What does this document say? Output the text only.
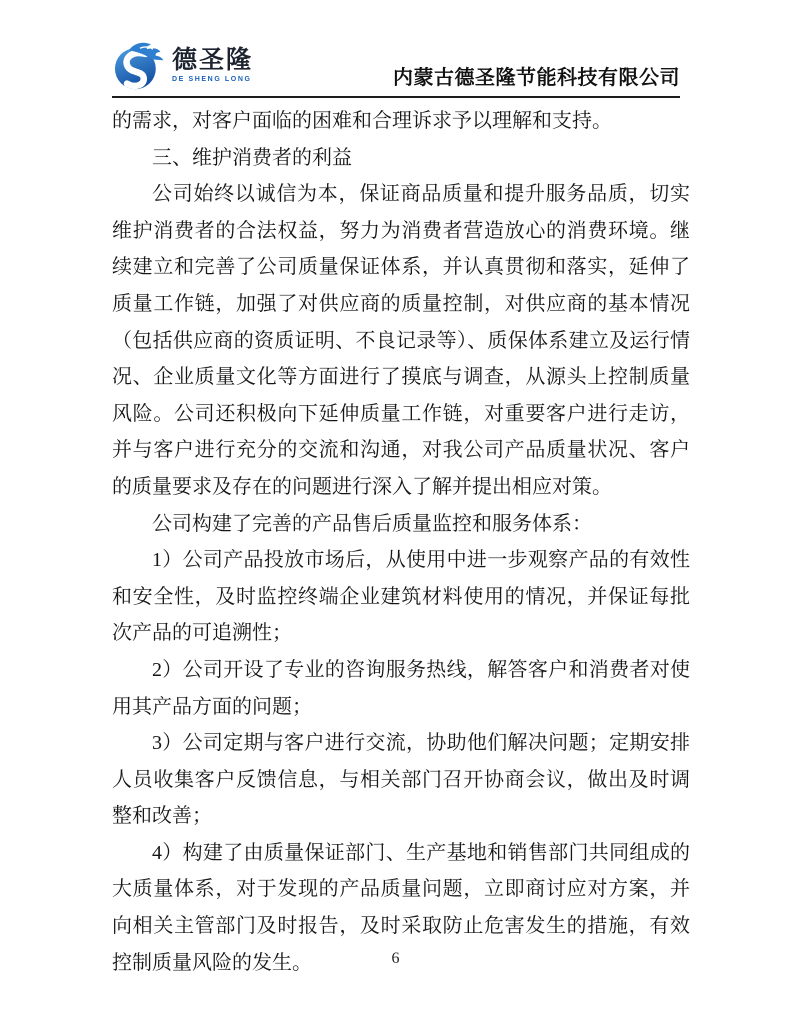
德圣隆
DE SHENG LONG	内蒙古德圣隆节能科技有限公司

的需求，对客户面临的困难和合理诉求予以理解和支持。

三、维护消费者的利益

公司始终以诚信为本，保证商品质量和提升服务品质，切实维护消费者的合法权益，努力为消费者营造放心的消费环境。继续建立和完善了公司质量保证体系，并认真贯彻和落实，延伸了质量工作链，加强了对供应商的质量控制，对供应商的基本情况（包括供应商的资质证明、不良记录等）、质保体系建立及运行情况、企业质量文化等方面进行了摸底与调查，从源头上控制质量风险。公司还积极向下延伸质量工作链，对重要客户进行走访，并与客户进行充分的交流和沟通，对我公司产品质量状况、客户的质量要求及存在的问题进行深入了解并提出相应对策。

公司构建了完善的产品售后质量监控和服务体系：

1）公司产品投放市场后，从使用中进一步观察产品的有效性和安全性，及时监控终端企业建筑材料使用的情况，并保证每批次产品的可追溯性；

2）公司开设了专业的咨询服务热线，解答客户和消费者对使用其产品方面的问题；

3）公司定期与客户进行交流，协助他们解决问题；定期安排人员收集客户反馈信息，与相关部门召开协商会议，做出及时调整和改善；

4）构建了由质量保证部门、生产基地和销售部门共同组成的大质量体系，对于发现的产品质量问题，立即商讨应对方案，并向相关主管部门及时报告，及时采取防止危害发生的措施，有效控制质量风险的发生。	6
